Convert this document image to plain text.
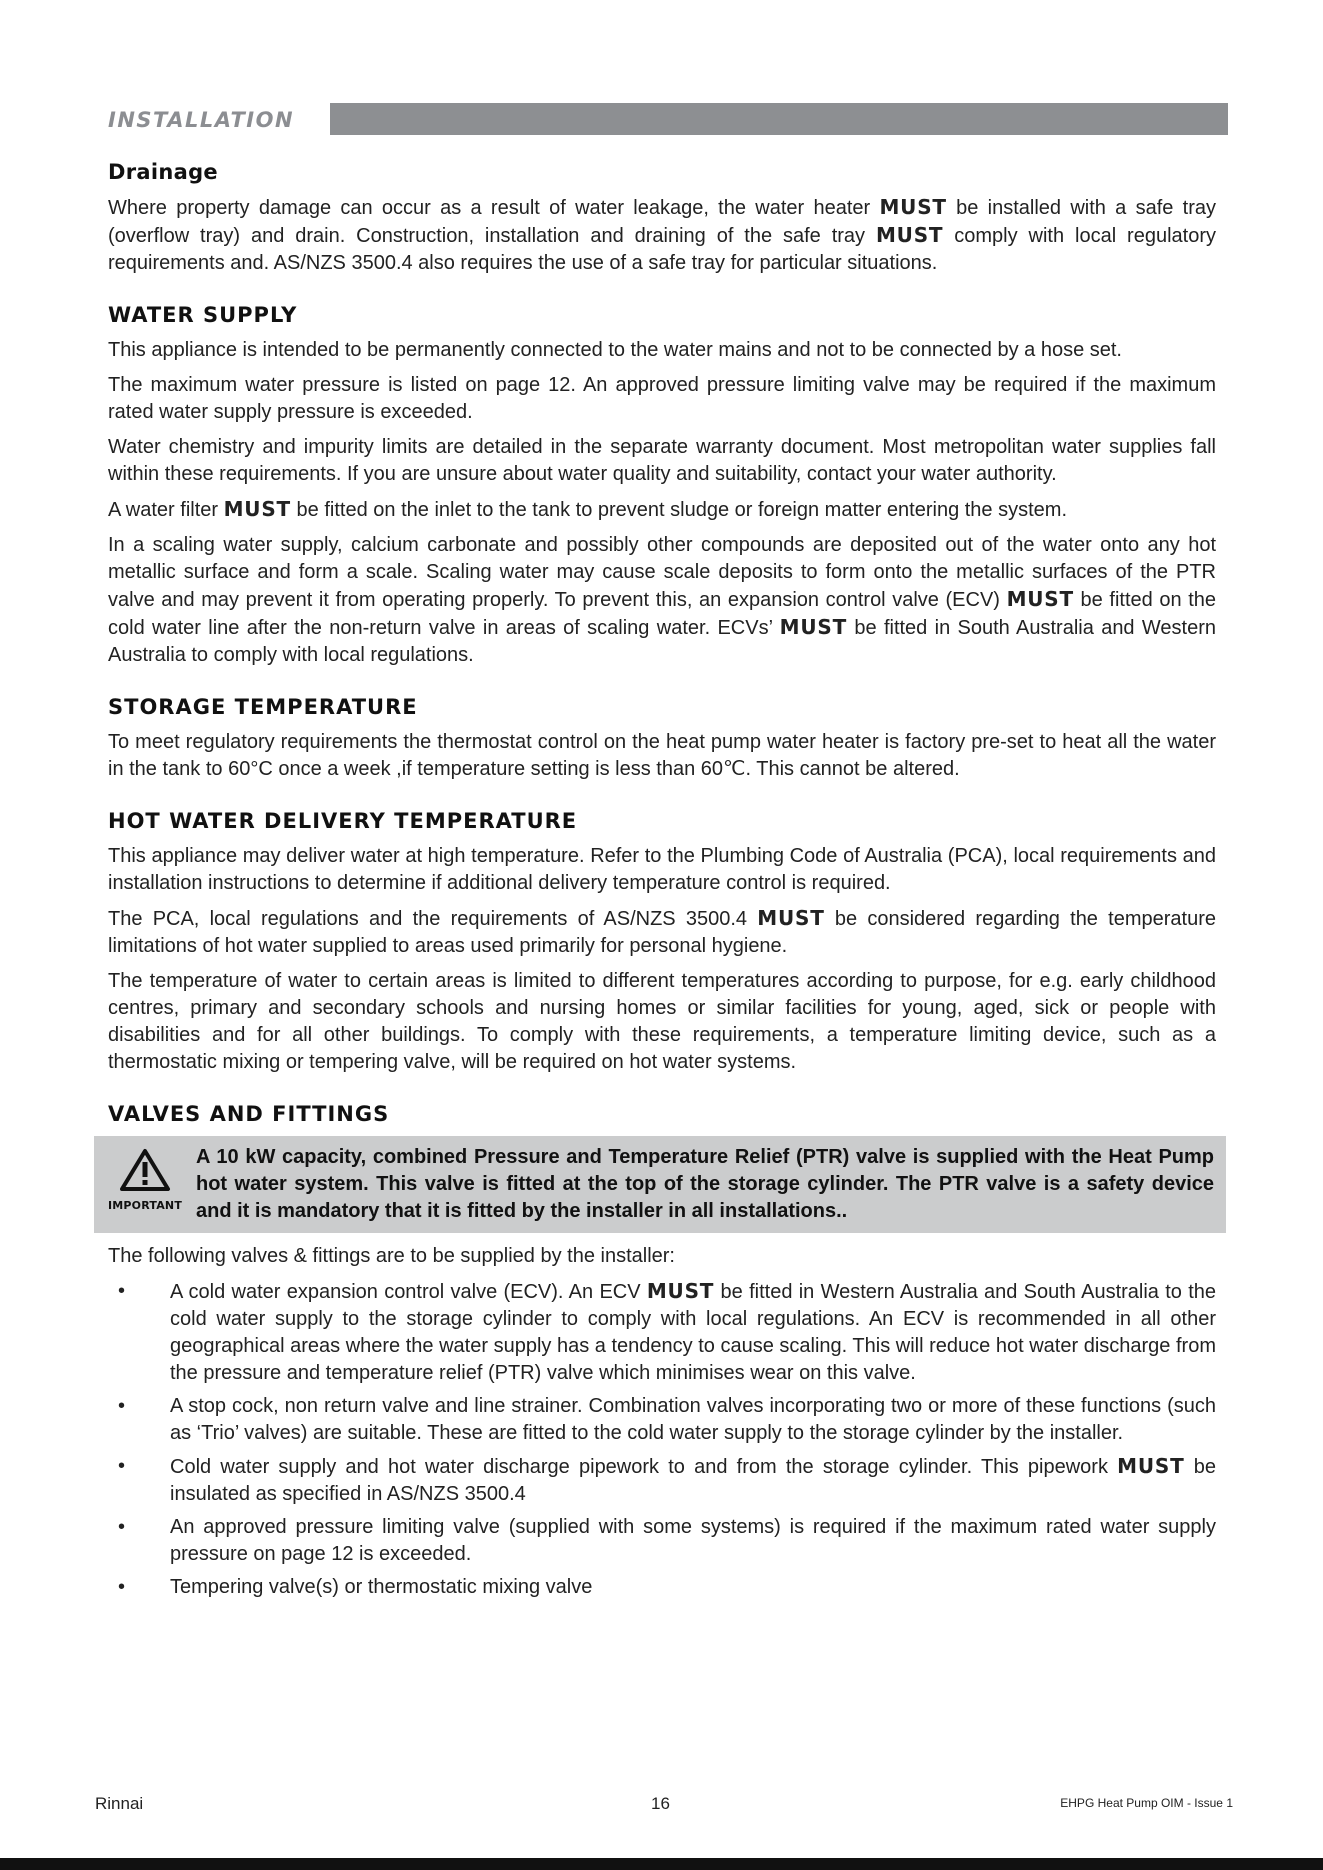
INSTALLATION
Drainage

Where property damage can occur as a result of water leakage, the water heater MUST be installed with a safe tray (overflow tray) and drain. Construction, installation and draining of the safe tray MUST comply with local regulatory requirements and. AS/NZS 3500.4 also requires the use of a safe tray for particular situations.

WATER SUPPLY

This appliance is intended to be permanently connected to the water mains and not to be connected by a hose set.

The maximum water pressure is listed on page 12. An approved pressure limiting valve may be required if the maximum rated water supply pressure is exceeded.

Water chemistry and impurity limits are detailed in the separate warranty document. Most metropolitan water supplies fall within these requirements. If you are unsure about water quality and suitability, contact your water authority.

A water filter MUST be fitted on the inlet to the tank to prevent sludge or foreign matter entering the system.

In a scaling water supply, calcium carbonate and possibly other compounds are deposited out of the water onto any hot metallic surface and form a scale. Scaling water may cause scale deposits to form onto the metallic surfaces of the PTR valve and may prevent it from operating properly. To prevent this, an expansion control valve (ECV) MUST be fitted on the cold water line after the non-return valve in areas of scaling water. ECVs’ MUST be fitted in South Australia and Western Australia to comply with local regulations.

STORAGE TEMPERATURE

To meet regulatory requirements the thermostat control on the heat pump water heater is factory pre-set to heat all the water in the tank to 60°C once a week ,if temperature setting is less than 60℃. This cannot be altered.

HOT WATER DELIVERY TEMPERATURE

This appliance may deliver water at high temperature. Refer to the Plumbing Code of Australia (PCA), local requirements and installation instructions to determine if additional delivery temperature control is required.

The PCA, local regulations and the requirements of AS/NZS 3500.4 MUST be considered regarding the temperature limitations of hot water supplied to areas used primarily for personal hygiene.

The temperature of water to certain areas is limited to different temperatures according to purpose, for e.g. early childhood centres, primary and secondary schools and nursing homes or similar facilities for young, aged, sick or people with disabilities and for all other buildings. To comply with these requirements, a temperature limiting device, such as a thermostatic mixing or tempering valve, will be required on hot water systems.

VALVES AND FITTINGS
IMPORTANT

A 10 kW capacity, combined Pressure and Temperature Relief (PTR) valve is supplied with the Heat Pump hot water system. This valve is fitted at the top of the storage cylinder. The PTR valve is a safety device and it is mandatory that it is fitted by the installer in all installations..

The following valves & fittings are to be supplied by the installer:

• A cold water expansion control valve (ECV). An ECV MUST be fitted in Western Australia and South Australia to the cold water supply to the storage cylinder to comply with local regulations. An ECV is recommended in all other geographical areas where the water supply has a tendency to cause scaling. This will reduce hot water discharge from the pressure and temperature relief (PTR) valve which minimises wear on this valve.
• A stop cock, non return valve and line strainer. Combination valves incorporating two or more of these functions (such as ‘Trio’ valves) are suitable. These are fitted to the cold water supply to the storage cylinder by the installer.
• Cold water supply and hot water discharge pipework to and from the storage cylinder. This pipework MUST be insulated as specified in AS/NZS 3500.4
• An approved pressure limiting valve (supplied with some systems) is required if the maximum rated water supply pressure on page 12 is exceeded.
• Tempering valve(s) or thermostatic mixing valve
Rinnai	16	EHPG Heat Pump OIM - Issue 1
